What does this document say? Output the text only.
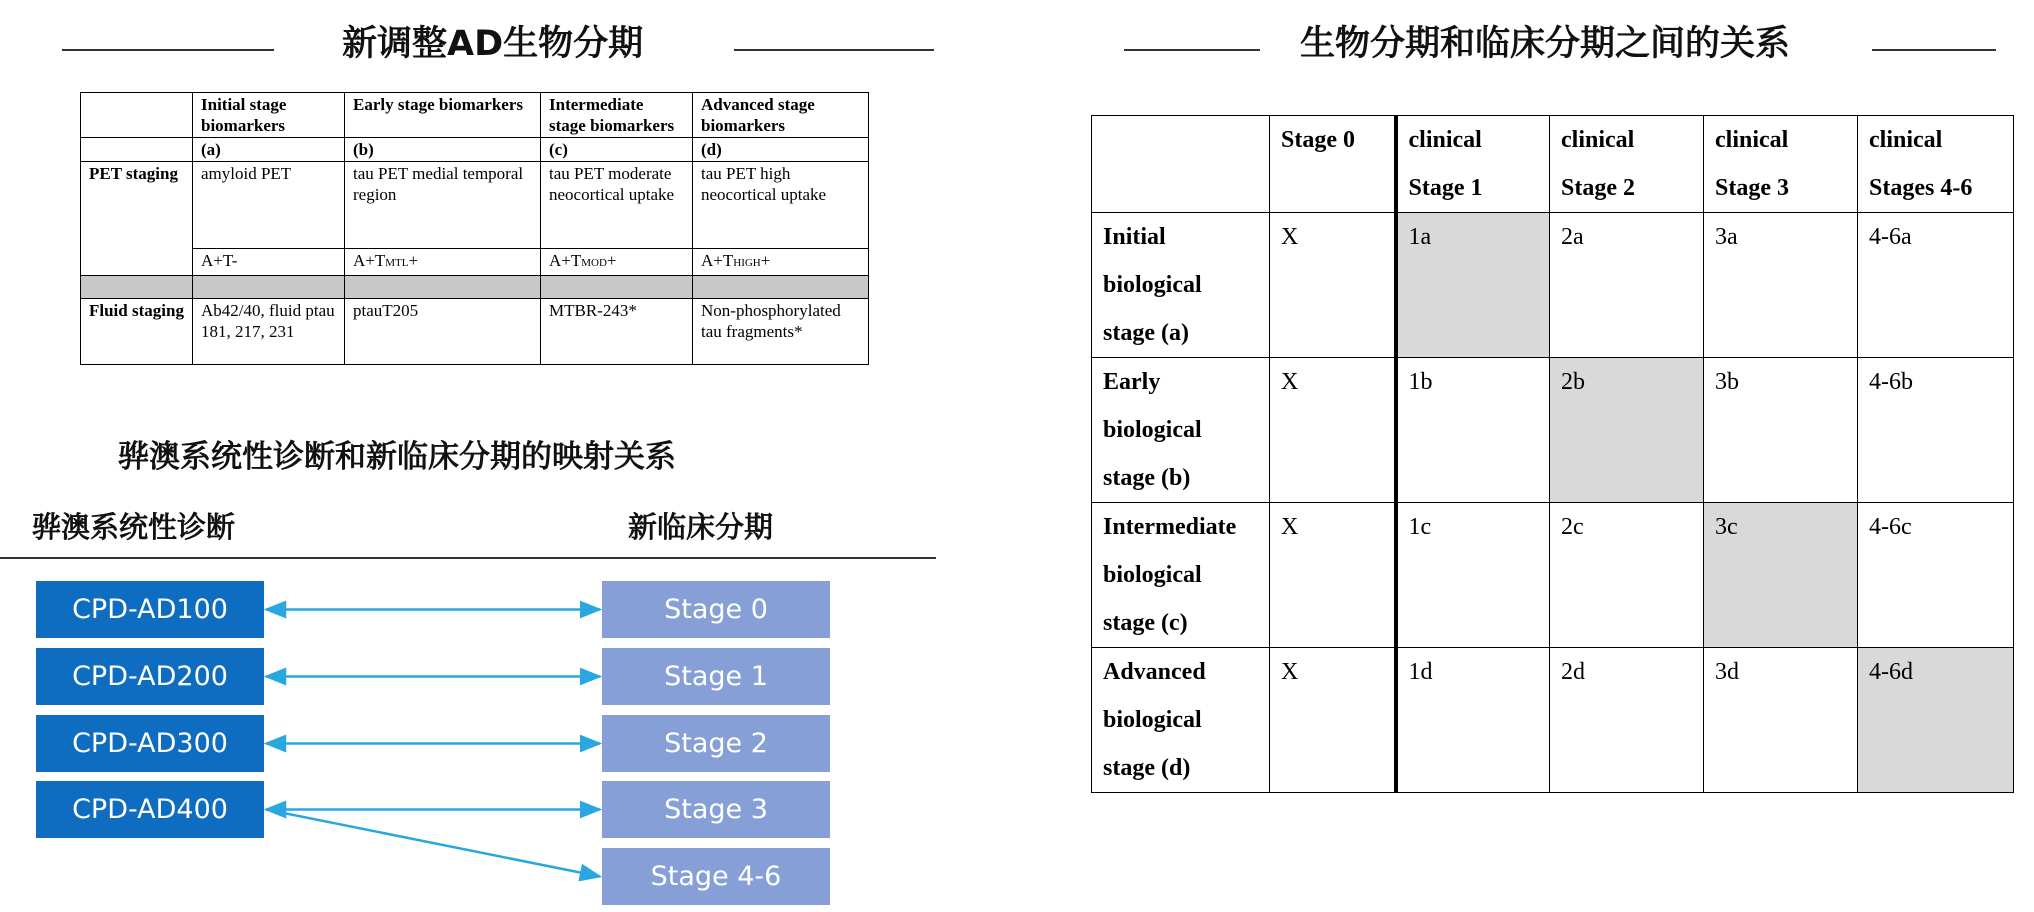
新调整AD生物分期
	Initial stage biomarkers	Early stage biomarkers	Intermediate stage biomarkers	Advanced stage biomarkers
	(a)	(b)	(c)	(d)
PET staging	amyloid PET	tau PET medial temporal region	tau PET moderate neocortical uptake	tau PET high neocortical uptake
	A+T-	A+TMTL+	A+TMOD+	A+THIGH+

Fluid staging	Ab42/40, fluid ptau 181, 217, 231	ptauT205	MTBR-243*	Non-phosphorylated tau fragments*
骅澳系统性诊断和新临床分期的映射关系
骅澳系统性诊断	新临床分期
CPD-AD100
CPD-AD200
CPD-AD300
CPD-AD400
Stage 0
Stage 1
Stage 2
Stage 3
Stage 4-6
生物分期和临床分期之间的关系
	Stage 0	clinical Stage 1	clinical Stage 2	clinical Stage 3	clinical Stages 4-6
Initial biological stage (a)	X	1a	2a	3a	4-6a
Early biological stage (b)	X	1b	2b	3b	4-6b
Intermediate biological stage (c)	X	1c	2c	3c	4-6c
Advanced biological stage (d)	X	1d	2d	3d	4-6d
